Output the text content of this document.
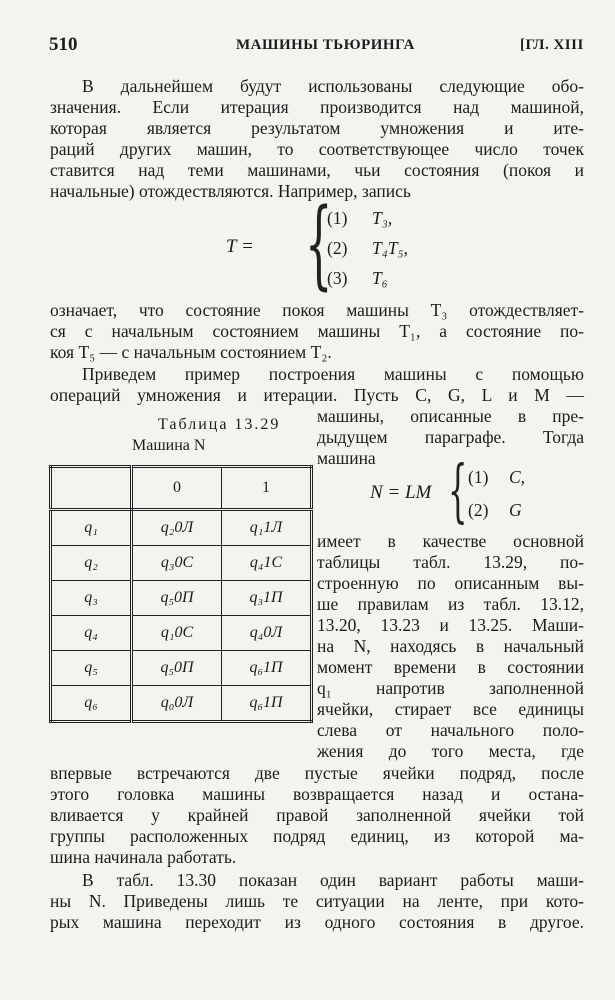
510	МАШИНЫ ТЬЮРИНГА	[ГЛ. XIII
В дальнейшем будут использованы следующие обо-
значения. Если итерация производится над машиной,
которая является результатом умножения и ите-
раций других машин, то соответствующее число точек
ставится над теми машинами, чьи состояния (покоя и
начальные) отождествляются. Например, запись
T = {
(1) T₃,
(2) T₄T₅,
(3) T₆
означает, что состояние покоя машины T₃ отождествляет-
ся с начальным состоянием машины T₁, а состояние по-
коя T₅ — с начальным состоянием T₂.
Приведем пример построения машины с помощью
операций умножения и итерации. Пусть C, G, L и M —
машины, описанные в пре-
дыдущем параграфе. Тогда
машина
Таблица 13.29
Машина N
	0	1
q₁	q₂0Л	q₁1Л
q₂	q₃0C	q₄1C
q₃	q₅0П	q₃1П
q₄	q₁0C	q₄0Л
q₅	q₅0П	q₆1П
q₆	q₀0Л	q₆1П
N = LM { (1) C,
(2) G
имеет в качестве основной
таблицы табл. 13.29, по-
строенную по описанным вы-
ше правилам из табл. 13.12,
13.20, 13.23 и 13.25. Маши-
на N, находясь в начальный
момент времени в состоянии
q₁ напротив заполненной
ячейки, стирает все единицы
слева от начального поло-
жения до того места, где
впервые встречаются две пустые ячейки подряд, после
этого головка машины возвращается назад и остана-
вливается у крайней правой заполненной ячейки той
группы расположенных подряд единиц, из которой ма-
шина начинала работать.
В табл. 13.30 показан один вариант работы маши-
ны N. Приведены лишь те ситуации на ленте, при кото-
рых машина переходит из одного состояния в другое.
